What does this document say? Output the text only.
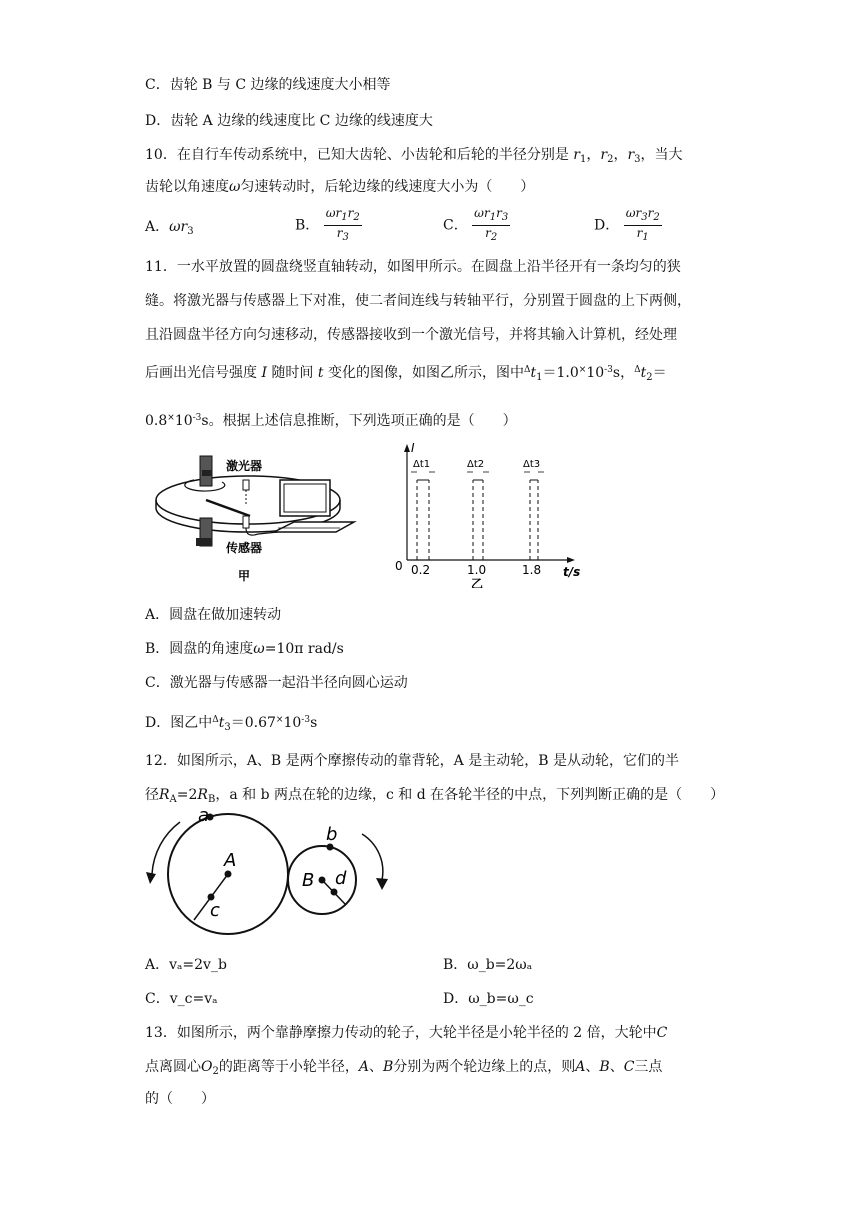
C．齿轮 B 与 C 边缘的线速度大小相等
D．齿轮 A 边缘的线速度比 C 边缘的线速度大
10．在自行车传动系统中，已知大齿轮、小齿轮和后轮的半径分别是 $r_1$，$r_2$，$r_3$，当大
齿轮以角速度ω匀速转动时，后轮边缘的线速度大小为（　　）
A．$\omega r_3$	B． $\frac{\omega r_1r_2}{r_3}$	C． $\frac{\omega r_1r_3}{r_2}$	D． $\frac{\omega r_3r_2}{r_1}$
11．一水平放置的圆盘绕竖直轴转动，如图甲所示。在圆盘上沿半径开有一条均匀的狭
缝。将激光器与传感器上下对准，使二者间连线与转轴平行，分别置于圆盘的上下两侧，
且沿圆盘半径方向匀速移动，传感器接收到一个激光信号，并将其输入计算机，经处理
后画出光信号强度 I 随时间 t 变化的图像，如图乙所示，图中$^\Delta t_1=1.0^\times 10^{-3}s$，$^\Delta t_2=$
$0.8^\times 10^{-3}s$。根据上述信息推断，下列选项正确的是（　　）
激光器
传感器
甲
I
t/s
0
Δt1	Δt2	Δt3
0.2	1.0	1.8
乙
A．圆盘在做加速转动
B．圆盘的角速度ω=10π rad/s
C．激光器与传感器一起沿半径向圆心运动
D．图乙中$^\Delta t_3=0.67^\times 10^{-3}s$
12．如图所示，A、B 是两个摩擦传动的靠背轮，A 是主动轮，B 是从动轮，它们的半
径$R_A=2R_B$，a 和 b 两点在轮的边缘，c 和 d 在各轮半径的中点，下列判断正确的是（　　）
a
A
c
b
B d
A．vₐ=2v_b	B．ω_b=2ωₐ
C．v_c=vₐ	D．ω_b=ω_c
13．如图所示，两个靠静摩擦力传动的轮子，大轮半径是小轮半径的 2 倍，大轮中C
点离圆心$O_2$的距离等于小轮半径，A、B分别为两个轮边缘上的点，则A、B、C三点
的（　　）
